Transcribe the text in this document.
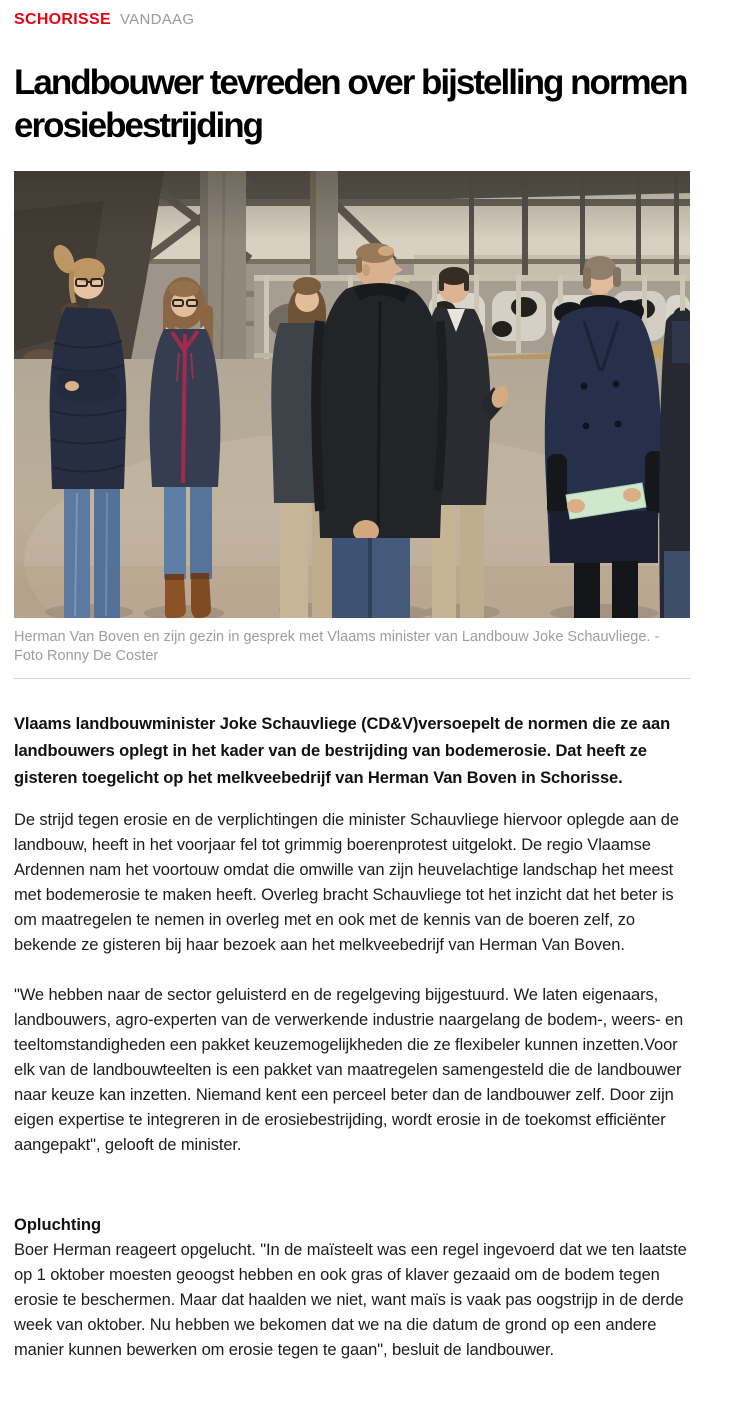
SCHORISSE VANDAAG
Landbouwer tevreden over bijstelling normen erosiebestrijding
Herman Van Boven en zijn gezin in gesprek met Vlaams minister van Landbouw Joke Schauvliege. - Foto Ronny De Coster

Vlaams landbouwminister Joke Schauvliege (CD&V)versoepelt de normen die ze aan landbouwers oplegt in het kader van de bestrijding van bodemerosie. Dat heeft ze gisteren toegelicht op het melkveebedrijf van Herman Van Boven in Schorisse.

De strijd tegen erosie en de verplichtingen die minister Schauvliege hiervoor oplegde aan de landbouw, heeft in het voorjaar fel tot grimmig boerenprotest uitgelokt. De regio Vlaamse Ardennen nam het voortouw omdat die omwille van zijn heuvelachtige landschap het meest met bodemerosie te maken heeft. Overleg bracht Schauvliege tot het inzicht dat het beter is om maatregelen te nemen in overleg met en ook met de kennis van de boeren zelf, zo bekende ze gisteren bij haar bezoek aan het melkveebedrijf van Herman Van Boven.

"We hebben naar de sector geluisterd en de regelgeving bijgestuurd. We laten eigenaars, landbouwers, agro-experten van de verwerkende industrie naargelang de bodem-, weers- en teeltomstandigheden een pakket keuzemogelijkheden die ze flexibeler kunnen inzetten.Voor elk van de landbouwteelten is een pakket van maatregelen samengesteld die de landbouwer naar keuze kan inzetten. Niemand kent een perceel beter dan de landbouwer zelf. Door zijn eigen expertise te integreren in de erosiebestrijding, wordt erosie in de toekomst efficiënter aangepakt", gelooft de minister.

Opluchting

Boer Herman reageert opgelucht. "In de maïsteelt was een regel ingevoerd dat we ten laatste op 1 oktober moesten geoogst hebben en ook gras of klaver gezaaid om de bodem tegen erosie te beschermen. Maar dat haalden we niet, want maïs is vaak pas oogstrijp in de derde week van oktober. Nu hebben we bekomen dat we na die datum de grond op een andere manier kunnen bewerken om erosie tegen te gaan", besluit de landbouwer.
